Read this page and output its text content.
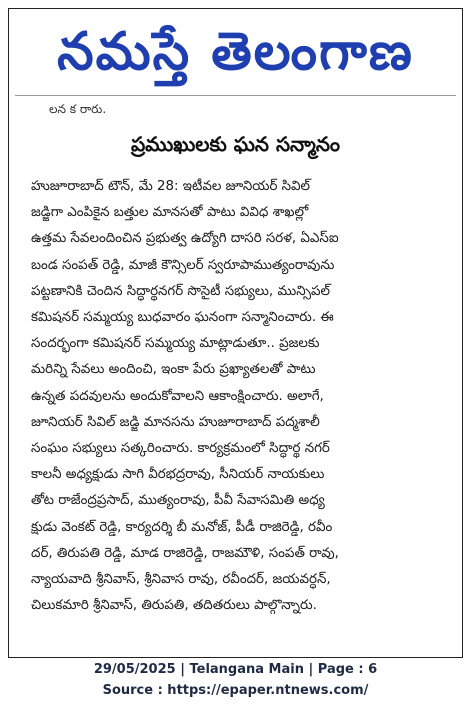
నమస్తే తెలంగాణ
లన క రారు.
ప్రముఖులకు ఘన సన్మానం
హుజూరాబాద్ టౌన్, మే 28: ఇటీవల జూనియర్ సివిల్
జడ్జిగా ఎంపికైన బత్తుల మానసతో పాటు వివిధ శాఖల్లో
ఉత్తమ సేవలందించిన ప్రభుత్వ ఉద్యోగి దాసరి సరళ, ఏఎస్ఐ
బండ సంపత్ రెడ్డి, మాజీ కౌన్సిలర్ స్వరూపాముత్యంరావును
పట్టణానికి చెందిన సిద్ధార్థనగర్ సొసైటీ సభ్యులు, మున్సిపల్
కమిషనర్ సమ్మయ్య బుధవారం ఘనంగా సన్మానించారు. ఈ
సందర్భంగా కమిషనర్ సమ్మయ్య మాట్లాడుతూ.. ప్రజలకు
మరిన్ని సేవలు అందించి, ఇంకా పేరు ప్రఖ్యాతలతో పాటు
ఉన్నత పదవులను అందుకోవాలని ఆకాంక్షించారు. అలాగే,
జూనియర్ సివిల్ జడ్జి మానసను హుజూరాబాద్ పద్మశాలీ
సంఘం సభ్యులు సత్కరించారు. కార్యక్రమంలో సిద్ధార్థ నగర్
కాలనీ అధ్యక్షుడు సాగి వీరభద్రరావు, సీనియర్ నాయకులు
తోట రాజేంద్రప్రసాద్, ముత్యంరావు, పీవీ సేవాసమితి అధ్య
క్షుడు వెంకట్ రెడ్డి, కార్యదర్శి బీ మనోజ్, పీడీ రాజిరెడ్డి, రవీం
దర్, తిరుపతి రెడ్డి, మాడ రాజిరెడ్డి, రాజమౌళి, సంపత్ రావు,
న్యాయవాది శ్రీనివాస్, శ్రీనివాస రావు, రవీందర్, జయవర్ధన్,
చిలుకమారి శ్రీనివాస్, తిరుపతి, తదితరులు పాల్గొన్నారు.
29/05/2025 | Telangana Main | Page : 6
Source : https://epaper.ntnews.com/
